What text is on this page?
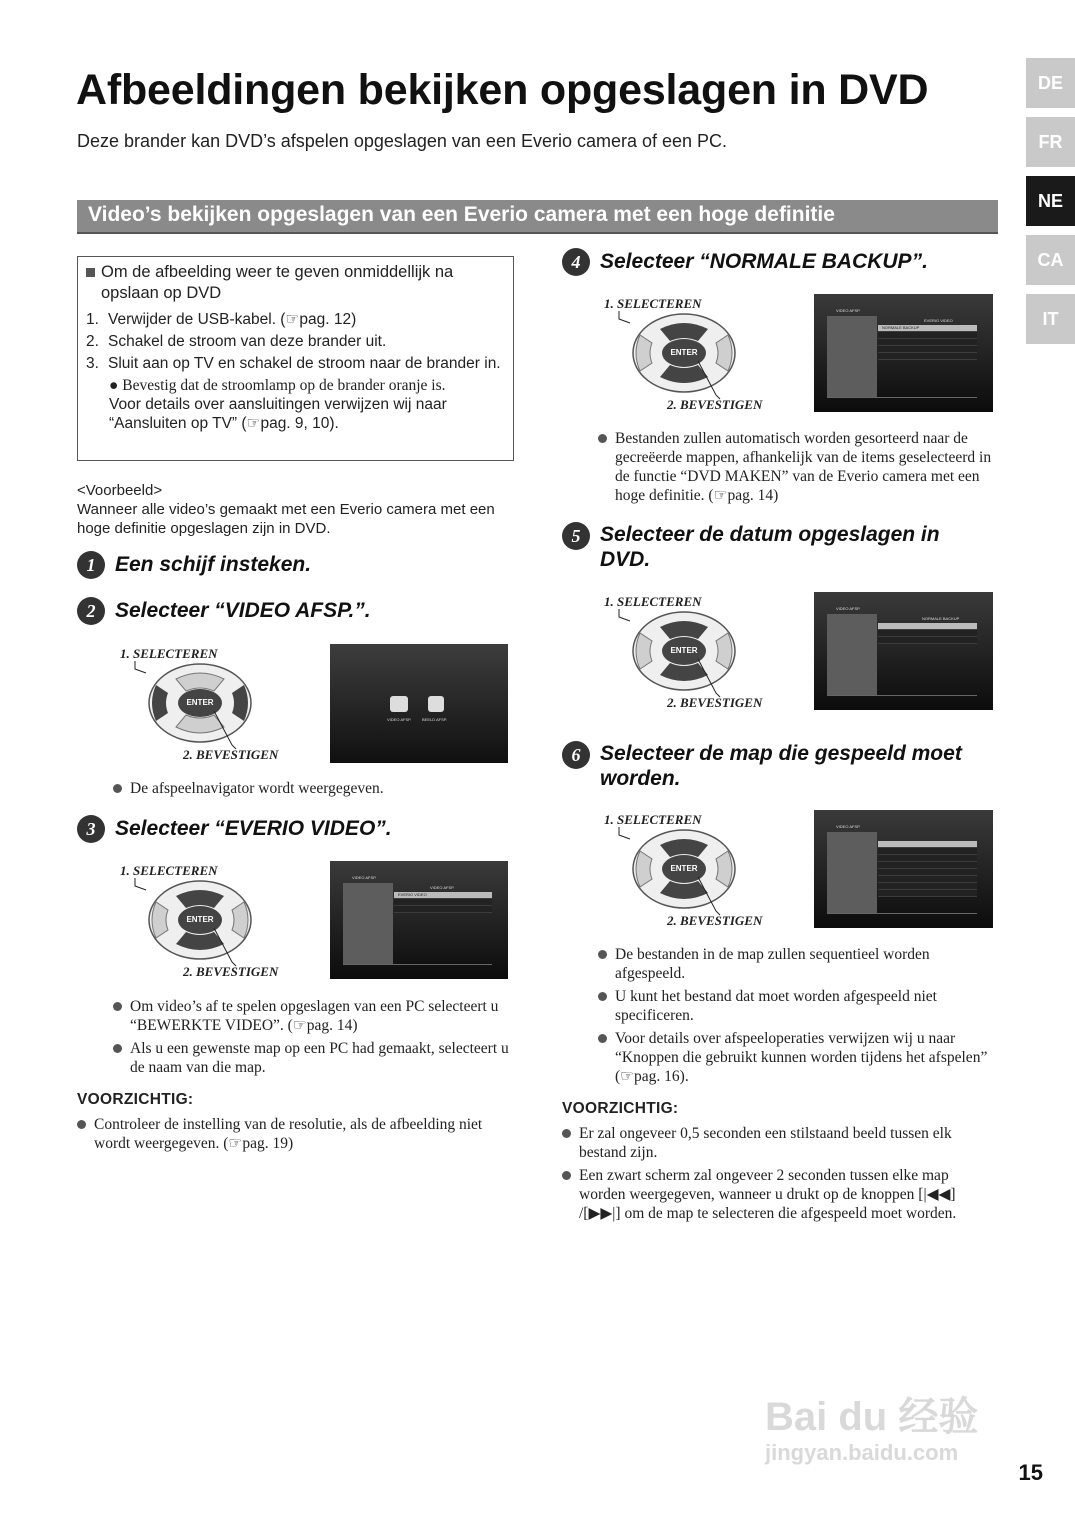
Afbeeldingen bekijken opgeslagen in DVD
Deze brander kan DVD’s afspelen opgeslagen van een Everio camera of een PC.
DE
FR
NE
CA
IT
Video’s bekijken opgeslagen van een Everio camera met een hoge definitie
Om de afbeelding weer te geven onmiddellijk na opslaan op DVD
1. Verwijder de USB-kabel. (☞pag. 12)
2. Schakel de stroom van deze brander uit.
3. Sluit aan op TV en schakel de stroom naar de brander in.
● Bevestig dat de stroomlamp op de brander oranje is.
Voor details over aansluitingen verwijzen wij naar “Aansluiten op TV” (☞pag. 9, 10).
<Voorbeeld>
Wanneer alle video’s gemaakt met een Everio camera met een hoge definitie opgeslagen zijn in DVD.
1 Een schijf insteken.
2 Selecteer “VIDEO AFSP.”.
1. SELECTEREN
ENTER
2. BEVESTIGEN
VIDEO AFSP.	BEELD AFSP.
De afspeelnavigator wordt weergegeven.
3 Selecteer “EVERIO VIDEO”.
1. SELECTEREN
ENTER
2. BEVESTIGEN
VIDEO AFSP.
VIDEO AFSP.
EVERIO VIDEO
Om video’s af te spelen opgeslagen van een PC selecteert u “BEWERKTE VIDEO”. (☞pag. 14)
Als u een gewenste map op een PC had gemaakt, selecteert u de naam van die map.
VOORZICHTIG:
Controleer de instelling van de resolutie, als de afbeelding niet wordt weergegeven. (☞pag. 19)
4 Selecteer “NORMALE BACKUP”.
1. SELECTEREN
ENTER
2. BEVESTIGEN
VIDEO AFSP.
EVERIO VIDEO
NORMALE BACKUP
Bestanden zullen automatisch worden gesorteerd naar de gecreëerde mappen, afhankelijk van de items geselecteerd in de functie “DVD MAKEN” van de Everio camera met een hoge definitie. (☞pag. 14)
5 Selecteer de datum opgeslagen in DVD.
1. SELECTEREN
ENTER
2. BEVESTIGEN
VIDEO AFSP.
NORMALE BACKUP
6 Selecteer de map die gespeeld moet worden.
1. SELECTEREN
ENTER
2. BEVESTIGEN
VIDEO AFSP.
De bestanden in de map zullen sequentieel worden afgespeeld.
U kunt het bestand dat moet worden afgespeeld niet specificeren.
Voor details over afspeeloperaties verwijzen wij u naar “Knoppen die gebruikt kunnen worden tijdens het afspelen” (☞pag. 16).
VOORZICHTIG:
Er zal ongeveer 0,5 seconden een stilstaand beeld tussen elk bestand zijn.
Een zwart scherm zal ongeveer 2 seconden tussen elke map worden weergegeven, wanneer u drukt op de knoppen [|◀◀] /[▶▶|] om de map te selecteren die afgespeeld moet worden.
Bai du 经验
jingyan.baidu.com
15
